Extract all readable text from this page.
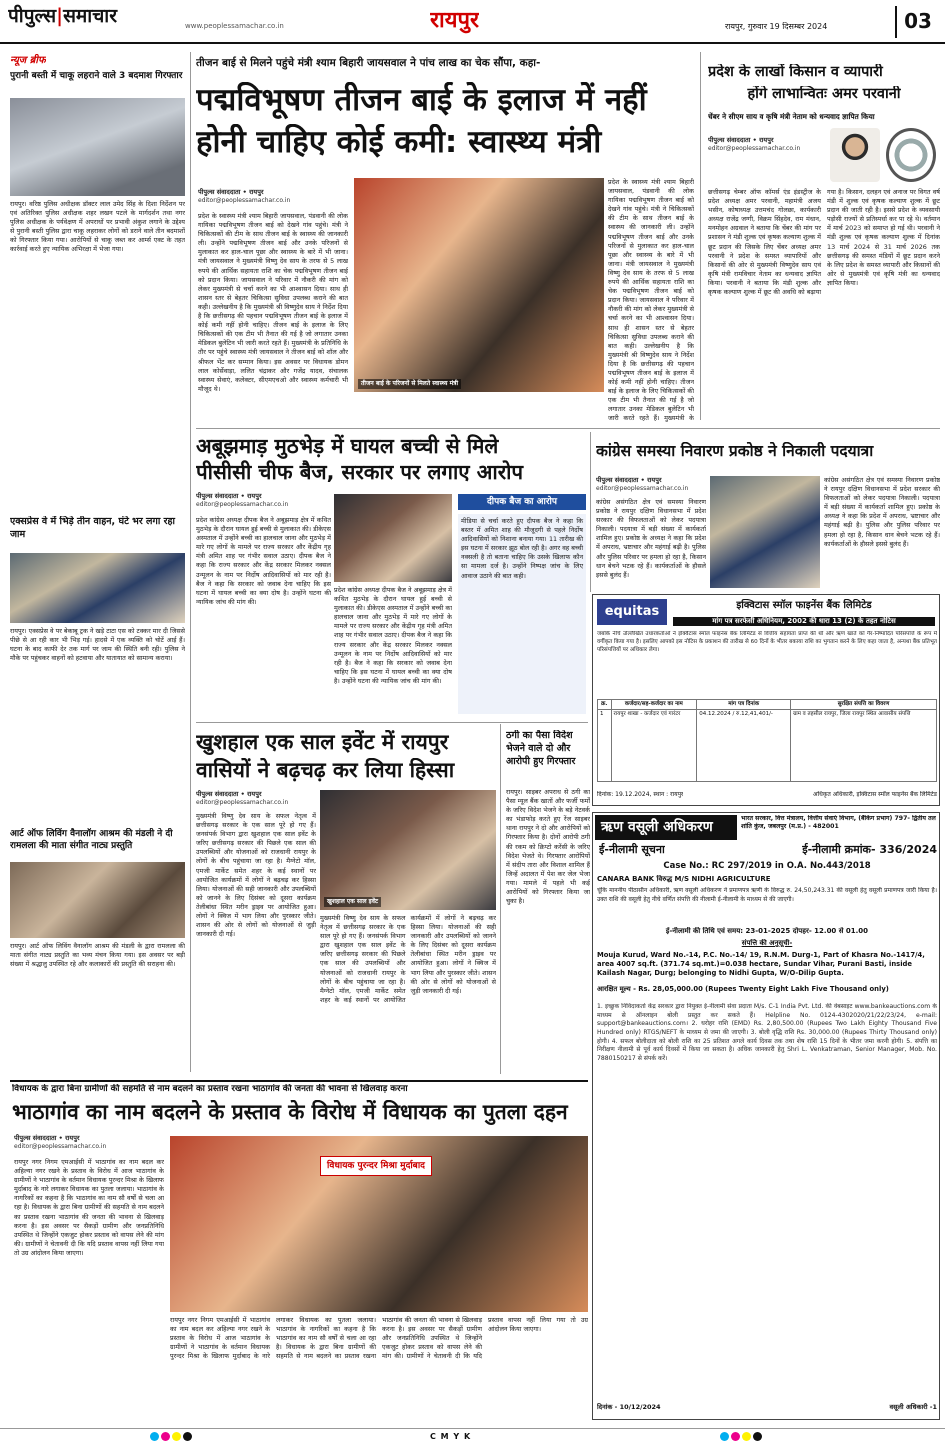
पीपुल्स|समाचार	www.peoplessamachar.co.in	रायपुर	रायपुर, गुरुवार 19 दिसम्बर 2024	03
न्यूज ब्रीफ
पुरानी बस्ती में चाकू लहराने वाले 3 बदमाश गिरफ्तार
रायपुर। वरिष्ठ पुलिस अधीक्षक डॉक्टर लाल उमेद सिंह के दिशा निर्देशन पर एवं अतिरिक्त पुलिस अधीक्षक शहर लखन पटले के मार्गदर्शन तथा नगर पुलिस अधीक्षक के पर्यवेक्षण में अपराधों पर प्रभावी अंकुश लगाने के उद्देश्य से पुरानी बस्ती पुलिस द्वारा चाकू लहराकर लोगों को डराने वाले तीन बदमाशों को गिरफ्तार किया गया। आरोपियों से चाकू जब्त कर आर्म्स एक्ट के तहत कार्रवाई करते हुए न्यायिक अभिरक्षा में भेजा गया।
एक्सप्रेस वे में भिड़े तीन वाहन, घंटे भर लगा रहा जाम
रायपुर। एक्सप्रेस वे पर बेकाबू ट्रक ने खड़े टाटा एस को टक्कर मार दी जिससे पीछे से आ रही कार भी भिड़ गई। हादसे में एक व्यक्ति को चोटें आई हैं। घटना के बाद काफी देर तक मार्ग पर जाम की स्थिति बनी रही। पुलिस ने मौके पर पहुंचकर वाहनों को हटवाया और यातायात को सामान्य कराया।
आर्ट ऑफ लिविंग वैनालॉग आश्रम की मंडली ने दी रामलला की माता संगीत नाट्य प्रस्तुति
रायपुर। आर्ट ऑफ लिविंग वैनालॉग आश्रम की मंडली के द्वारा रामलला की माता संगीत नाट्य प्रस्तुति का भव्य मंचन किया गया। इस अवसर पर बड़ी संख्या में श्रद्धालु उपस्थित रहे और कलाकारों की प्रस्तुति की सराहना की।
तीजन बाई से मिलने पहुंचे मंत्री श्याम बिहारी जायसवाल ने पांच लाख का चेक सौंपा, कहा-
पद्मविभूषण तीजन बाई के इलाज में नहीं
होनी चाहिए कोई कमी: स्वास्थ्य मंत्री
पीपुल्स संवाददाता • रायपुर
editor@peoplessamachar.co.in
प्रदेश के स्वास्थ्य मंत्री श्याम बिहारी जायसवाल, पंडवानी की लोक गायिका पद्मविभूषण तीजन बाई को देखने गांव पहुंचे। मंत्री ने चिकित्सकों की टीम के साथ तीजन बाई के स्वास्थ्य की जानकारी ली। उन्होंने पद्मविभूषण तीजन बाई और उनके परिजनों से मुलाकात कर हाल-चाल पूछा और स्वास्थ्य के बारे में भी जाना। मंत्री जायसवाल ने मुख्यमंत्री विष्णु देव साय के तरफ से 5 लाख रुपये की आर्थिक सहायता राशि का चेक पद्मविभूषण तीजन बाई को प्रदान किया। जायसवाल ने परिवार में नौकरी की मांग को लेकर मुख्यमंत्री से चर्चा करने का भी आश्वासन दिया। साथ ही शासन स्तर से बेहतर चिकित्सा सुविधा उपलब्ध कराने की बात कही। उल्लेखनीय है कि मुख्यमंत्री श्री विष्णुदेव साय ने निर्देश दिया है कि छत्तीसगढ़ की पहचान पद्मविभूषण तीजन बाई के इलाज में कोई कमी नहीं होनी चाहिए। तीजन बाई के इलाज के लिए चिकित्सकों की एक टीम भी तैनात की गई है जो लगातार उनका मेडिकल बुलेटिन भी जारी करते रहते हैं। मुख्यमंत्री के प्रतिनिधि के तौर पर पहुंचे स्वास्थ्य मंत्री जायसवाल ने तीजन बाई को शॉल और श्रीफल भेंट कर सम्मान किया। इस अवसर पर विधायक डोमन लाल कोर्सेवाड़ा, ललित चंद्राकर और गजेंद्र यादव, संचालक स्वास्थ्य सेवाएं, कलेक्टर, सीएमएचओ और स्वास्थ्य कर्मचारी भी मौजूद थे।
तीजन बाई के परिजनों से मिलते स्वास्थ्य मंत्री
प्रदेश के स्वास्थ्य मंत्री श्याम बिहारी जायसवाल, पंडवानी की लोक गायिका पद्मविभूषण तीजन बाई को देखने गांव पहुंचे। मंत्री ने चिकित्सकों की टीम के साथ तीजन बाई के स्वास्थ्य की जानकारी ली। उन्होंने पद्मविभूषण तीजन बाई और उनके परिजनों से मुलाकात कर हाल-चाल पूछा और स्वास्थ्य के बारे में भी जाना। मंत्री जायसवाल ने मुख्यमंत्री विष्णु देव साय के तरफ से 5 लाख रुपये की आर्थिक सहायता राशि का चेक पद्मविभूषण तीजन बाई को प्रदान किया। जायसवाल ने परिवार में नौकरी की मांग को लेकर मुख्यमंत्री से चर्चा करने का भी आश्वासन दिया। साथ ही शासन स्तर से बेहतर चिकित्सा सुविधा उपलब्ध कराने की बात कही। उल्लेखनीय है कि मुख्यमंत्री श्री विष्णुदेव साय ने निर्देश दिया है कि छत्तीसगढ़ की पहचान पद्मविभूषण तीजन बाई के इलाज में कोई कमी नहीं होनी चाहिए। तीजन बाई के इलाज के लिए चिकित्सकों की एक टीम भी तैनात की गई है जो लगातार उनका मेडिकल बुलेटिन भी जारी करते रहते हैं। मुख्यमंत्री के
प्रदेश के लाखों किसान व व्यापारी
होंगे लाभान्वितः अमर परवानी
चेंबर ने सीएम साय व कृषि मंत्री नेताम को धन्यवाद ज्ञापित किया
पीपुल्स संवाददाता • रायपुर
editor@peoplessamachar.co.in
छत्तीसगढ़ चेम्बर ऑफ कॉमर्स एंड इंडस्ट्रीज के प्रदेश अध्यक्ष अमर परवानी, महामंत्री अजय भसीन, कोषाध्यक्ष उत्तमचंद गोलछा, कार्यकारी अध्यक्ष राजेंद्र जग्गी, विक्रम सिंहदेव, राम मंधान, मनमोहन अग्रवाल ने बताया कि चेंबर की मांग पर प्रशासन ने मंडी शुल्क एवं कृषक कल्याण शुल्क में छूट प्रदान की जिसके लिए चेंबर अध्यक्ष अमर परवानी ने प्रदेश के समस्त व्यापारियों और किसानों की ओर से मुख्यमंत्री विष्णुदेव साय एवं कृषि मंत्री रामविचार नेताम का धन्यवाद ज्ञापित किया। परवानी ने बताया कि मंडी शुल्क और कृषक कल्याण शुल्क में छूट की अवधि को बढ़ाया गया है। किसान, दलहन एवं अनाज पर विगत वर्ष मंडी में शुल्क एवं कृषक कल्याण शुल्क में छूट प्रदान की जाती रही है। इससे प्रदेश के व्यवसायी पड़ोसी राज्यों से प्रतिस्पर्धा कर पा रहे थे। वर्तमान में मार्च 2023 को समाप्त हो गई थी। परवानी ने मंडी शुल्क एवं कृषक कल्याण शुल्क में दिनांक 13 मार्च 2024 से 31 मार्च 2026 तक छत्तीसगढ़ की समस्त मंडियों में छूट प्रदान करने के लिए प्रदेश के समस्त व्यापारी और किसानों की ओर से मुख्यमंत्री एवं कृषि मंत्री का धन्यवाद ज्ञापित किया।
अबूझमाड़ मुठभेड़ में घायल बच्ची से मिले
पीसीसी चीफ बैज, सरकार पर लगाए आरोप
पीपुल्स संवाददाता • रायपुर
editor@peoplessamachar.co.in
प्रदेश कांग्रेस अध्यक्ष दीपक बैज ने अबूझमाड़ क्षेत्र में कथित मुठभेड़ के दौरान घायल हुई बच्ची से मुलाकात की। डीकेएस अस्पताल में उन्होंने बच्ची का हालचाल जाना और मुठभेड़ में मारे गए लोगों के मामले पर राज्य सरकार और केंद्रीय गृह मंत्री अमित शाह पर गंभीर सवाल उठाए। दीपक बैज ने कहा कि राज्य सरकार और केंद्र सरकार मिलकर नक्सल उन्मूलन के नाम पर निर्दोष आदिवासियों को मार रही है। बैज ने कहा कि सरकार को जवाब देना चाहिए कि इस घटना में घायल बच्ची का क्या दोष है। उन्होंने घटना की न्यायिक जांच की मांग की।
प्रदेश कांग्रेस अध्यक्ष दीपक बैज ने अबूझमाड़ क्षेत्र में कथित मुठभेड़ के दौरान घायल हुई बच्ची से मुलाकात की। डीकेएस अस्पताल में उन्होंने बच्ची का हालचाल जाना और मुठभेड़ में मारे गए लोगों के मामले पर राज्य सरकार और केंद्रीय गृह मंत्री अमित शाह पर गंभीर सवाल उठाए। दीपक बैज ने कहा कि राज्य सरकार और केंद्र सरकार मिलकर नक्सल उन्मूलन के नाम पर निर्दोष आदिवासियों को मार रही है। बैज ने कहा कि सरकार को जवाब देना चाहिए कि इस घटना में घायल बच्ची का क्या दोष है। उन्होंने घटना की न्यायिक जांच की मांग की।
दीपक बैज का आरोप
मीडिया से चर्चा करते हुए दीपक बैज ने कहा कि बस्तर में अमित शाह की मौजूदगी से पहले निर्दोष आदिवासियों को निशाना बनाया गया। 11 तारीख की इस घटना में सरकार झूठ बोल रही है। अगर वह बच्ची नक्सली है तो बताना चाहिए कि उसके खिलाफ कौन सा मामला दर्ज है। उन्होंने निष्पक्ष जांच के लिए आवाज उठाने की बात कही।
कांग्रेस समस्या निवारण प्रकोष्ठ ने निकाली पदयात्रा
पीपुल्स संवाददाता • रायपुर
editor@peoplessamachar.co.in
कांग्रेस असंगठित क्षेत्र एवं समस्या निवारण प्रकोष्ठ ने रायपुर दक्षिण विधानसभा में प्रदेश सरकार की विफलताओं को लेकर पदयात्रा निकाली। पदयात्रा में बड़ी संख्या में कार्यकर्ता शामिल हुए। प्रकोष्ठ के अध्यक्ष ने कहा कि प्रदेश में अपराध, भ्रष्टाचार और महंगाई बढ़ी है। पुलिस और पुलिस परिवार पर हमला हो रहा है, किसान धान बेचने भटक रहे हैं। कार्यकर्ताओं के हौसले इससे बुलंद हैं।
कांग्रेस असंगठित क्षेत्र एवं समस्या निवारण प्रकोष्ठ ने रायपुर दक्षिण विधानसभा में प्रदेश सरकार की विफलताओं को लेकर पदयात्रा निकाली। पदयात्रा में बड़ी संख्या में कार्यकर्ता शामिल हुए। प्रकोष्ठ के अध्यक्ष ने कहा कि प्रदेश में अपराध, भ्रष्टाचार और महंगाई बढ़ी है। पुलिस और पुलिस परिवार पर हमला हो रहा है, किसान धान बेचने भटक रहे हैं। कार्यकर्ताओं के हौसले इससे बुलंद हैं।
equitas	इक्विटास स्मॉल फाइनेंस बैंक लिमिटेड
मांग पत्र सरफेसी अधिनियम, 2002 की धारा 13 (2) के तहत नोटिस
जबकि नीचे उल्लिखित उधारकर्ताओं ने इक्विटास स्मॉल फाइनेंस बैंक लिमिटेड से वित्तीय सहायता प्राप्त की थी और ऋण खाते को गैर-निष्पादित परिसंपत्ति के रूप में वर्गीकृत किया गया है। इसलिए आपको इस नोटिस के प्रकाशन की तारीख से 60 दिनों के भीतर बकाया राशि का भुगतान करने के लिए कहा जाता है, अन्यथा बैंक प्रतिभूत परिसंपत्तियों पर अधिकार लेगा।
क्र.	कर्जदार/सह-कर्जदार का नाम	मांग पत्र दिनांक	सुरक्षित संपत्ति का विवरण
1	रायपुर शाखा - कर्जदार एवं गारंटर	04.12.2024 / रु.12,41,401/-	ग्राम व तहसील रायपुर, जिला रायपुर स्थित आवासीय संपत्ति
दिनांक: 19.12.2024, स्थान : रायपुर	अधिकृत अधिकारी, इक्विटास स्मॉल फाइनेंस बैंक लिमिटेड
खुशहाल एक साल इवेंट में रायपुर
वासियों ने बढ़चढ़ कर लिया हिस्सा
पीपुल्स संवाददाता • रायपुर
editor@peoplessamachar.co.in
मुख्यमंत्री विष्णु देव साय के सफल नेतृत्व में छत्तीसगढ़ सरकार के एक साल पूरे हो गए हैं। जनसंपर्क विभाग द्वारा खुशहाल एक साल इवेंट के जरिए छत्तीसगढ़ सरकार की पिछले एक साल की उपलब्धियों और योजनाओं को राजधानी रायपुर के लोगों के बीच पहुंचाया जा रहा है। मैग्नेटो मॉल, एमजी मार्केट समेत शहर के कई स्थानों पर आयोजित कार्यक्रमों में लोगों ने बढ़चढ़ कर हिस्सा लिया। योजनाओं की सही जानकारी और उपलब्धियों को जानने के लिए दिसंबर को दूसरा कार्यक्रम तेलीबांधा स्थित मरीन ड्राइव पर आयोजित हुआ। लोगों ने क्विज में भाग लिया और पुरस्कार जीते। शासन की ओर से लोगों को योजनाओं से जुड़ी जानकारी दी गई।
खुशहाल एक साल इवेंट
मुख्यमंत्री विष्णु देव साय के सफल नेतृत्व में छत्तीसगढ़ सरकार के एक साल पूरे हो गए हैं। जनसंपर्क विभाग द्वारा खुशहाल एक साल इवेंट के जरिए छत्तीसगढ़ सरकार की पिछले एक साल की उपलब्धियों और योजनाओं को राजधानी रायपुर के लोगों के बीच पहुंचाया जा रहा है। मैग्नेटो मॉल, एमजी मार्केट समेत शहर के कई स्थानों पर आयोजित कार्यक्रमों में लोगों ने बढ़चढ़ कर हिस्सा लिया। योजनाओं की सही जानकारी और उपलब्धियों को जानने के लिए दिसंबर को दूसरा कार्यक्रम तेलीबांधा स्थित मरीन ड्राइव पर आयोजित हुआ। लोगों ने क्विज में भाग लिया और पुरस्कार जीते। शासन की ओर से लोगों को योजनाओं से जुड़ी जानकारी दी गई।
ठगी का पैसा विदेश भेजने वाले दो और आरोपी हुए गिरफ्तार
रायपुर। साइबर अपराध से ठगी का पैसा म्यूल बैंक खातों और फर्जी फर्मों के जरिए विदेश भेजने के बड़े नेटवर्क का भंडाफोड़ करते हुए रेंज साइबर थाना रायपुर ने दो और आरोपियों को गिरफ्तार किया है। दोनों आरोपी ठगी की रकम को क्रिप्टो करेंसी के जरिए विदेश भेजते थे। गिरफ्तार आरोपियों में संदीप तारा और विशाल शामिल हैं जिन्हें अदालत में पेश कर जेल भेजा गया। मामले में पहले भी कई आरोपियों को गिरफ्तार किया जा चुका है।
ऋण वसूली अधिकरण
भारत सरकार, वित्त मंत्रालय, वित्तीय सेवाएं विभाग, (बैंकिंग प्रभाग) 797- द्वितीय तल शांति कुंज, जबलपुर (म.प्र.) - 482001
ई-नीलामी सूचना	ई-नीलामी क्रमांक- 336/2024
Case No.: RC 297/2019 in O.A. No.443/2018
CANARA BANK विरुद्ध M/S NIDHI AGRICULTURE
चूंकि माननीय पीठासीन अधिकारी, ऋण वसूली अधिकरण ने प्रमाणपत्र ऋणी के विरुद्ध रु. 24,50,243.31 की वसूली हेतु वसूली प्रमाणपत्र जारी किया है। उक्त राशि की वसूली हेतु नीचे वर्णित संपत्ति की नीलामी ई-नीलामी के माध्यम से की जाएगी।
ई-नीलामी की तिथि एवं समय: 23-01-2025 दोपहर- 12.00 से 01.00
संपत्ति की अनुसूची-
Mouja Kurud, Ward No.-14, P.C. No.-14/ 19, R.N.M. Durg-1, Part of Khasra No.-1417/4, area 4007 sq.ft. (371.74 sq.mt.)=0.038 hectare, Sundar Vihar, Purani Basti, inside Kailash Nagar, Durg; belonging to Nidhi Gupta, W/O-Dilip Gupta.
आरक्षित मूल्य - Rs. 28,05,000.00 (Rupees Twenty Eight Lakh Five Thousand only)
1. इच्छुक निविदाकर्ता केंद्र सरकार द्वारा नियुक्त ई-नीलामी सेवा प्रदाता M/s. C-1 India Pvt. Ltd. की वेबसाइट www.bankeauctions.com के माध्यम से ऑनलाइन बोली प्रस्तुत कर सकते हैं। Helpline No. 0124-4302020/21/22/23/24, e-mail: support@bankeauctions.com। 2. धरोहर राशि (EMD) Rs. 2,80,500.00 (Rupees Two Lakh Eighty Thousand Five Hundred only) RTGS/NEFT के माध्यम से जमा की जाएगी। 3. बोली वृद्धि राशि Rs. 30,000.00 (Rupees Thirty Thousand only) होगी। 4. सफल बोलीदाता को बोली राशि का 25 प्रतिशत अगले कार्य दिवस तक तथा शेष राशि 15 दिनों के भीतर जमा करनी होगी। 5. संपत्ति का निरीक्षण नीलामी से पूर्व कार्य दिवसों में किया जा सकता है। अधिक जानकारी हेतु Shri L. Venkatraman, Senior Manager, Mob. No. 7880150217 से संपर्क करें।
दिनांक - 10/12/2024	वसूली अधिकारी -1
विधायक के द्वारा बिना ग्रामीणों की सहमति से नाम बदलने का प्रस्ताव रखना भाठागांव की जनता की भावना से खिलवाड़ करना
भाठागांव का नाम बदलने के प्रस्ताव के विरोध में विधायक का पुतला दहन
पीपुल्स संवाददाता • रायपुर
editor@peoplessamachar.co.in
रायपुर नगर निगम एमआईसी में भाठागांव का नाम बदल कर अहिल्या नगर रखने के प्रस्ताव के विरोध में आज भाठागांव के ग्रामीणों ने भाठागांव के वर्तमान विधायक पुरन्दर मिश्रा के खिलाफ मुर्दाबाद के नारे लगाकर विधायक का पुतला जलाया। भाठागांव के नागरिकों का कहना है कि भाठागांव का नाम सौ वर्षों से चला आ रहा है। विधायक के द्वारा बिना ग्रामीणों की सहमति से नाम बदलने का प्रस्ताव रखना भाठागांव की जनता की भावना से खिलवाड़ करना है। इस अवसर पर सैकड़ों ग्रामीण और जनप्रतिनिधि उपस्थित थे जिन्होंने एकजुट होकर प्रस्ताव को वापस लेने की मांग की। ग्रामीणों ने चेतावनी दी कि यदि प्रस्ताव वापस नहीं लिया गया तो उग्र आंदोलन किया जाएगा।
विधायक पुरन्दर मिश्रा मुर्दाबाद
रायपुर नगर निगम एमआईसी में भाठागांव का नाम बदल कर अहिल्या नगर रखने के प्रस्ताव के विरोध में आज भाठागांव के ग्रामीणों ने भाठागांव के वर्तमान विधायक पुरन्दर मिश्रा के खिलाफ मुर्दाबाद के नारे लगाकर विधायक का पुतला जलाया। भाठागांव के नागरिकों का कहना है कि भाठागांव का नाम सौ वर्षों से चला आ रहा है। विधायक के द्वारा बिना ग्रामीणों की सहमति से नाम बदलने का प्रस्ताव रखना भाठागांव की जनता की भावना से खिलवाड़ करना है। इस अवसर पर सैकड़ों ग्रामीण और जनप्रतिनिधि उपस्थित थे जिन्होंने एकजुट होकर प्रस्ताव को वापस लेने की मांग की। ग्रामीणों ने चेतावनी दी कि यदि प्रस्ताव वापस नहीं लिया गया तो उग्र आंदोलन किया जाएगा।
C M Y K
